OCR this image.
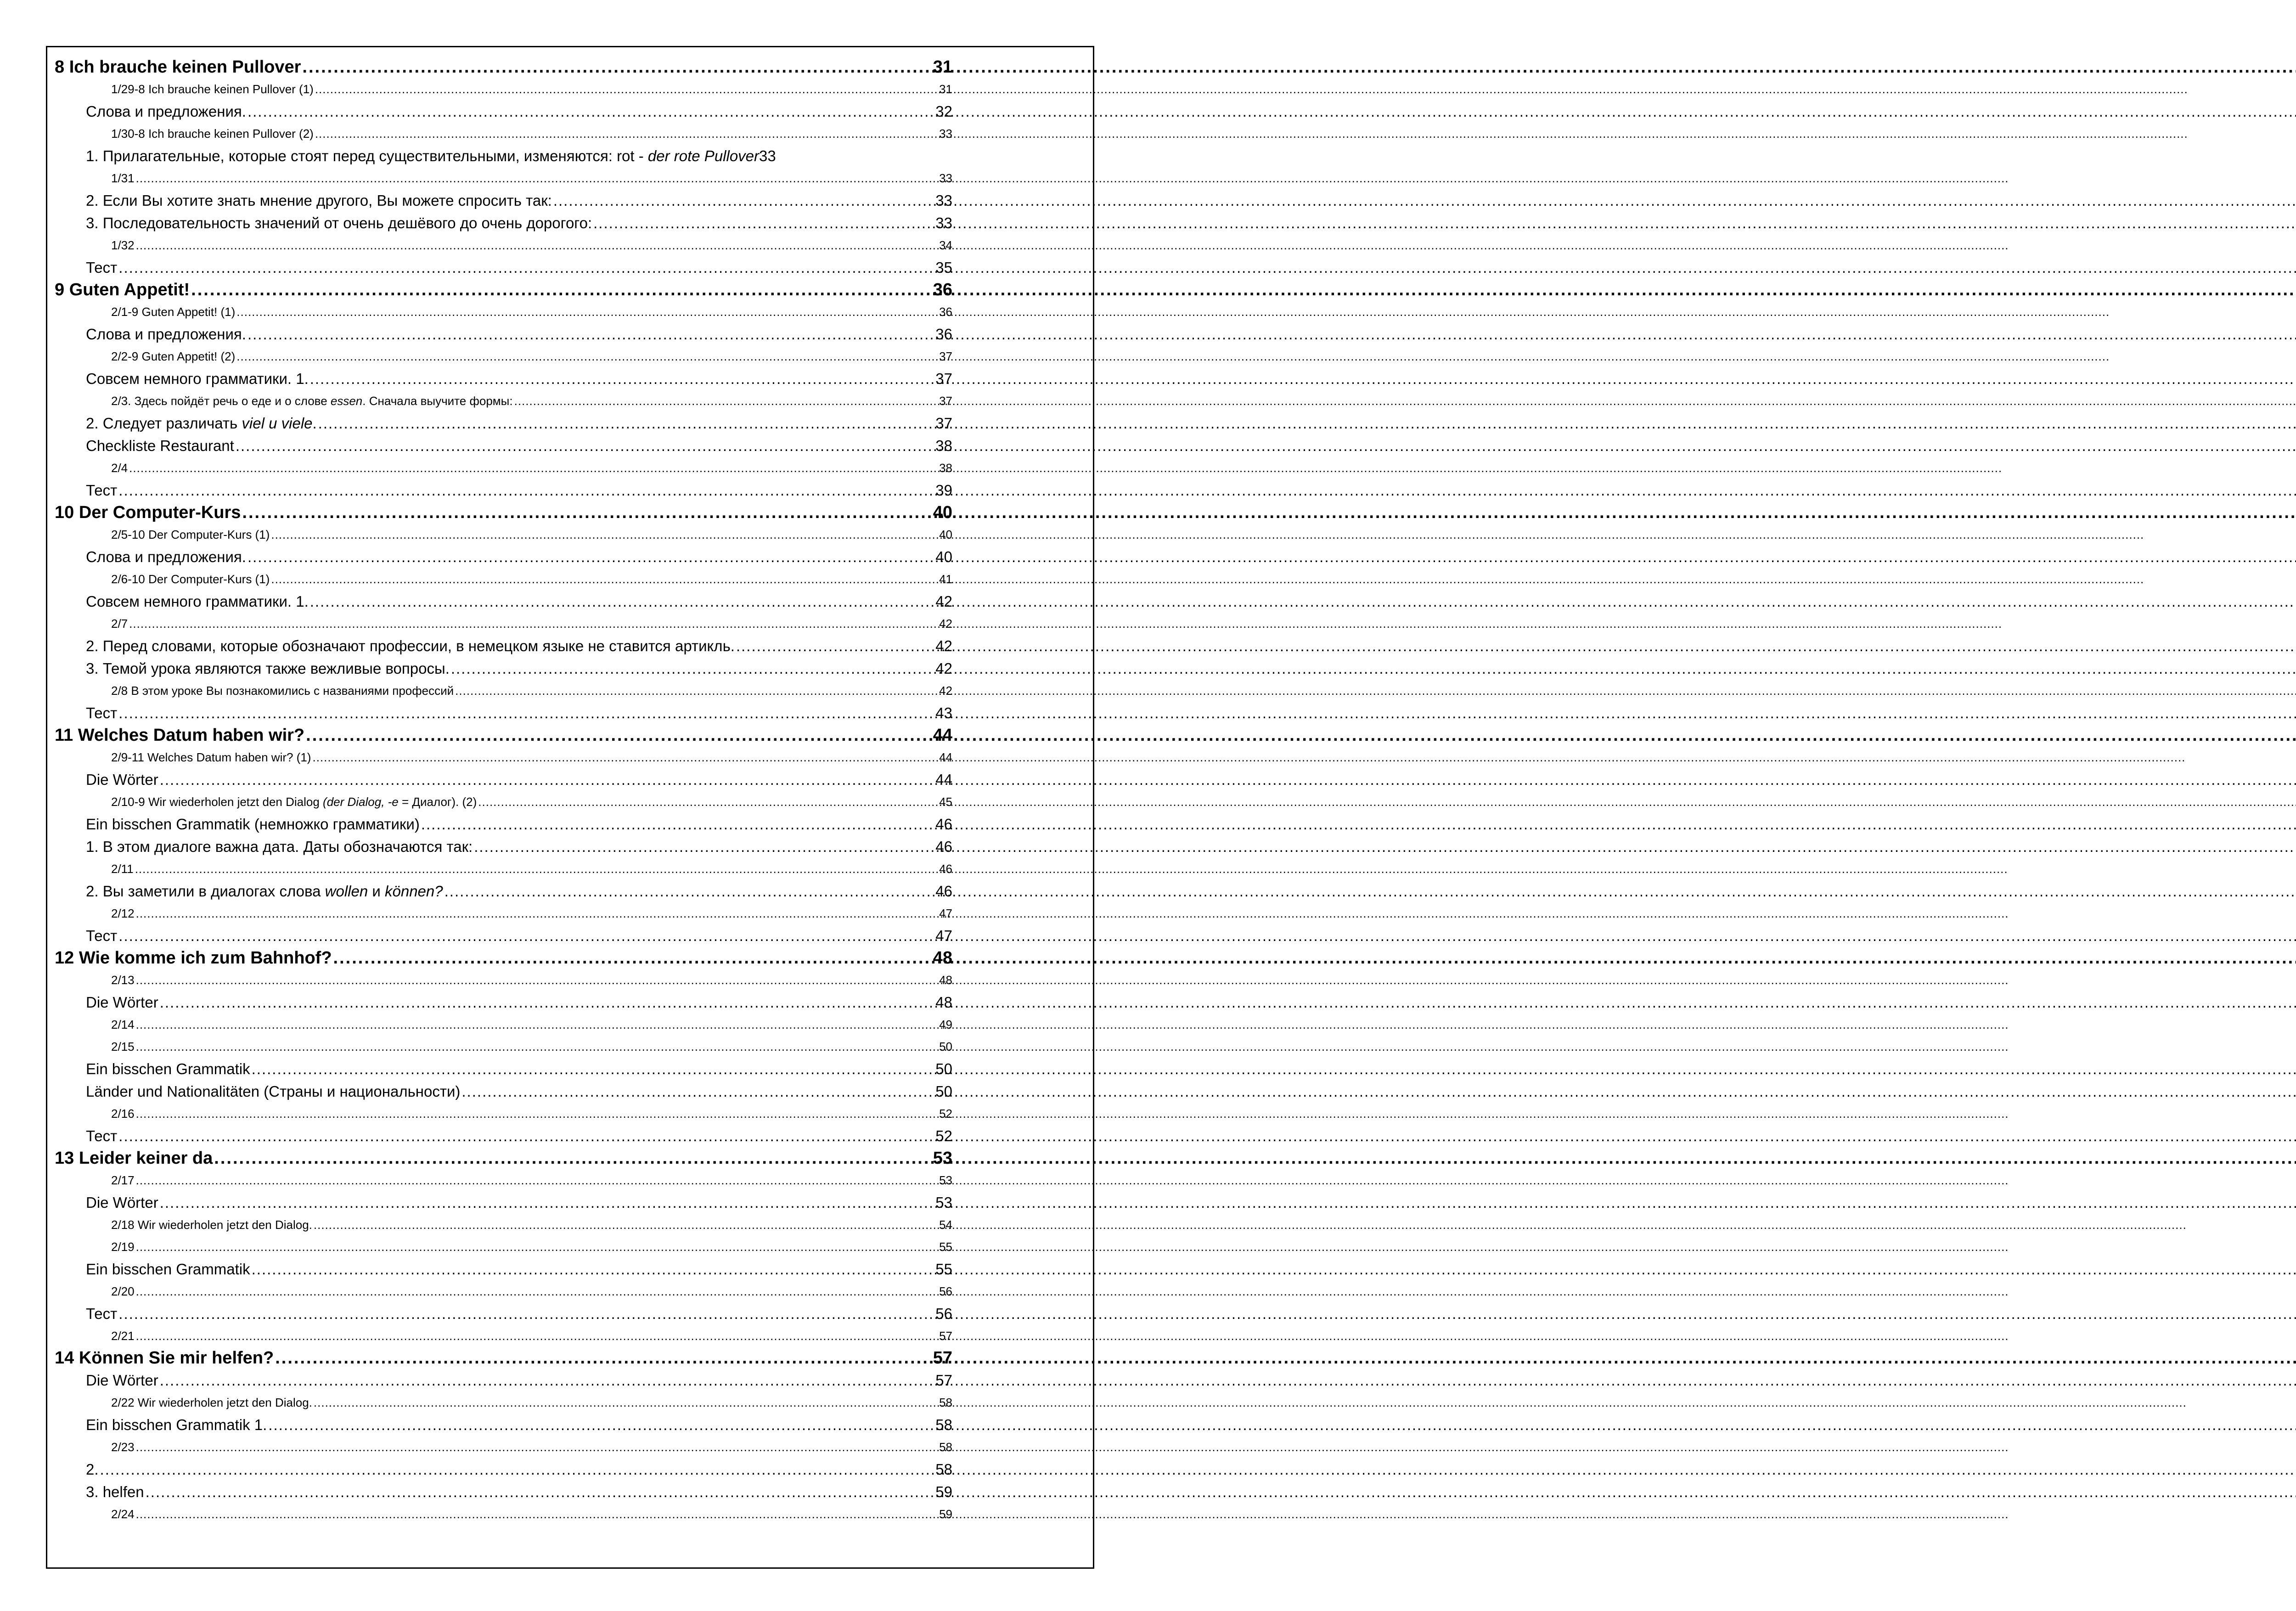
8 Ich brauche keinen Pullover .....	31
1/29-8 Ich brauche keinen Pullover (1) .....	31
Слова и предложения. .....	32
1/30-8 Ich brauche keinen Pullover (2) .....	33
1. Прилагательные, которые стоят перед существительными, изменяются: rot - der rote Pullover 33
1/31 .....	33
2. Если Вы хотите знать мнение другого, Вы можете спросить так: .....	33
3. Последовательность значений от очень дешёвого до очень дорогого: .....	33
1/32 .....	34
Тест .....	35
9 Guten Appetit! .....	36
2/1-9 Guten Appetit! (1) .....	36
Слова и предложения. .....	36
2/2-9 Guten Appetit! (2) .....	37
Совсем немного грамматики. 1. .....	37
2/3. Здесь пойдёт речь о еде и о слове essen. Сначала выучите формы: .....	37
2. Следует различать viel u viele. .....	37
Checkliste Restaurant .....	38
2/4 .....	38
Тест .....	39
10 Der Computer-Kurs .....	40
2/5-10 Der Computer-Kurs (1) .....	40
Слова и предложения. .....	40
2/6-10 Der Computer-Kurs (1) .....	41
Совсем немного грамматики. 1. .....	42
2/7 .....	42
2. Перед словами, которые обозначают профессии, в немецком языке не ставится артикль. .....	42
3. Темой урока являются также вежливые вопросы. .....	42
2/8 В этом уроке Вы познакомились с названиями профессий .....	42
Тест .....	43
11 Welches Datum haben wir? .....	44
2/9-11 Welches Datum haben wir? (1) .....	44
Die Wörter .....	44
2/10-9 Wir wiederholen jetzt den Dialog (der Dialog, -e = Диалог). (2) .....	45
Ein bisschen Grammatik (немножко грамматики) .....	46
1. В этом диалоге важна дата. Даты обозначаются так: .....	46
2/11 .....	46
2. Вы заметили в диалогах слова wollen и können? .....	46
2/12 .....	47
Тест .....	47
12 Wie komme ich zum Bahnhof? .....	48
2/13 .....	48
Die Wörter .....	48
2/14 .....	49
2/15 .....	50
Ein bisschen Grammatik .....	50
Länder und Nationalitäten (Страны и национальности) .....	50
2/16 .....	52
Тест .....	52
13 Leider keiner da .....	53
2/17 .....	53
Die Wörter .....	53
2/18 Wir wiederholen jetzt den Dialog. .....	54
2/19 .....	55
Ein bisschen Grammatik .....	55
2/20 .....	56
Тест .....	56
2/21 .....	57
14 Können Sie mir helfen? .....	57
Die Wörter .....	57
2/22 Wir wiederholen jetzt den Dialog. .....	58
Ein bisschen Grammatik 1. .....	58
2/23 .....	58
2. .....	58
3. helfen .....	59
2/24 .....	59
